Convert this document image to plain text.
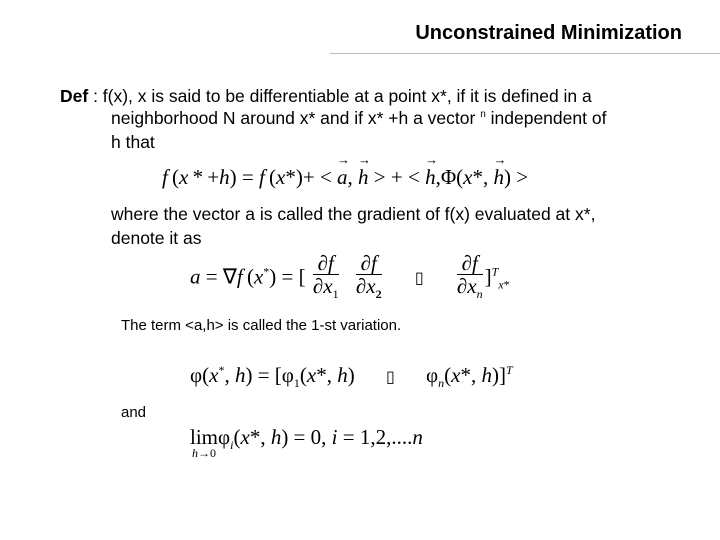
Unconstrained Minimization
Def : f(x), x is said to be differentiable at a point x*, if it is defined in a
neighborhood N around x* and if x* +h a vector $^n$ independent of
h that
f (x * +h) = f (x*)+ < → a, → h > + < → h,Φ(x*, → h) >
where the vector a is called the gradient of f(x) evaluated at x*,
denote it as
a = ∇f (x*) = [ $\frac{\partial f}{\partial x_1}$
$\frac{\partial f}{\partial x_2}$ ▯ $\frac{\partial f}{\partial x_n} ]^T_{x*}$
The term <a,h> is called the 1-st variation.
φ(x*, $h) = [\varphi_1(x*$, h) ▯ $\varphi_n(x*$, h)]$^T$
and
lim

h→0
$\varphi_i(x*$, h) = 0, i = 1,2,....n
